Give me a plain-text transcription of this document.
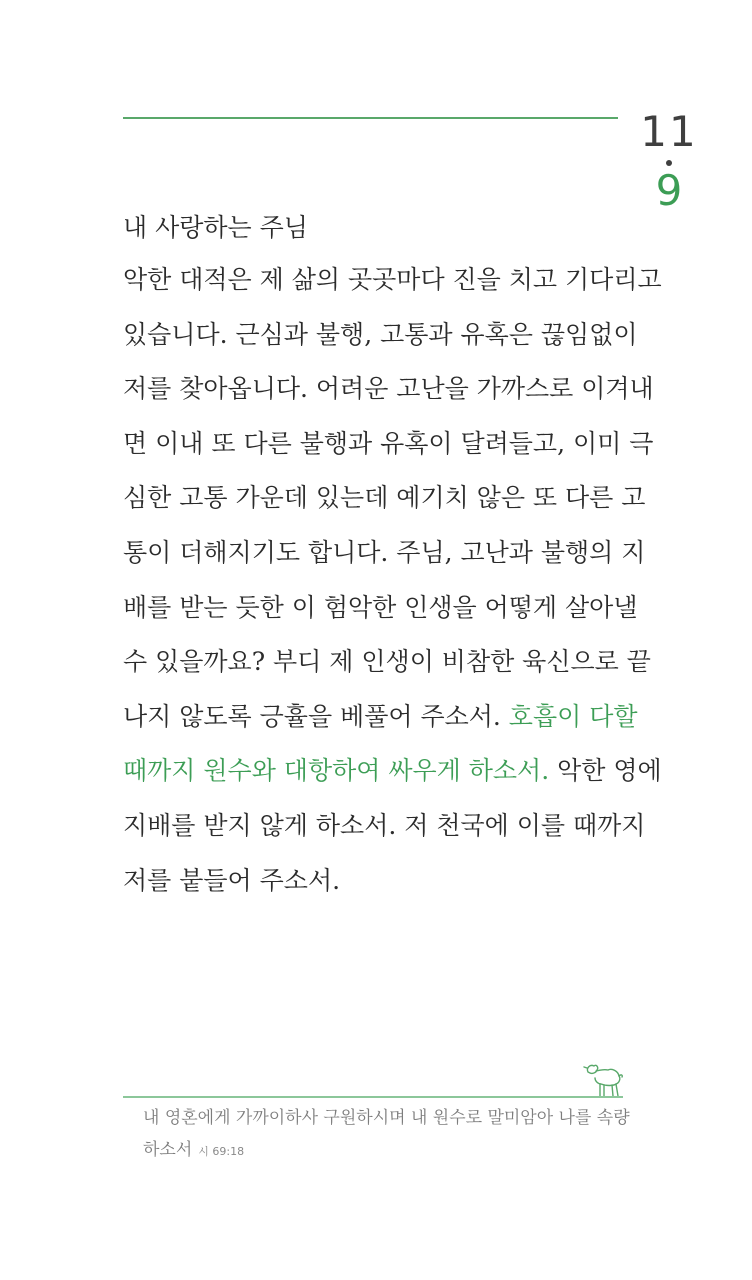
11
9
내 사랑하는 주님
악한 대적은 제 삶의 곳곳마다 진을 치고 기다리고
있습니다. 근심과 불행, 고통과 유혹은 끊임없이
저를 찾아옵니다. 어려운 고난을 가까스로 이겨내
면 이내 또 다른 불행과 유혹이 달려들고, 이미 극
심한 고통 가운데 있는데 예기치 않은 또 다른 고
통이 더해지기도 합니다. 주님, 고난과 불행의 지
배를 받는 듯한 이 험악한 인생을 어떻게 살아낼
수 있을까요? 부디 제 인생이 비참한 육신으로 끝
나지 않도록 긍휼을 베풀어 주소서. 호흡이 다할
때까지 원수와 대항하여 싸우게 하소서. 악한 영에
지배를 받지 않게 하소서. 저 천국에 이를 때까지
저를 붙들어 주소서.
내 영혼에게 가까이하사 구원하시며 내 원수로 말미암아 나를 속량
하소서 시 69:18
